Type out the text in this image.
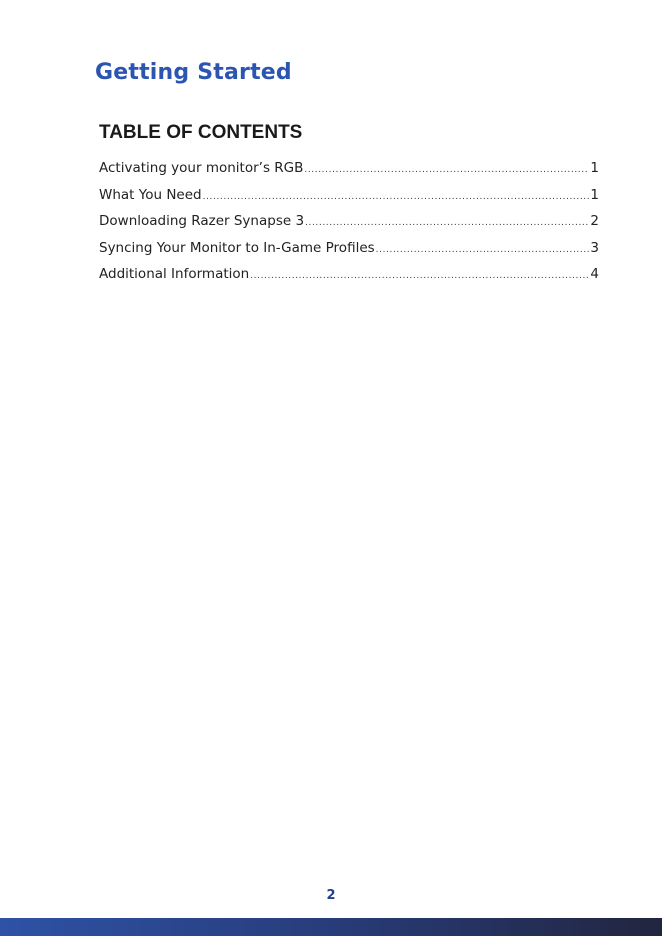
Getting Started
TABLE OF CONTENTS
Activating your monitor’s RGB .....	1
What You Need .....	1
Downloading Razer Synapse 3 .....	2
Syncing Your Monitor to In-Game Profiles .....	3
Additional Information .....	4
2
